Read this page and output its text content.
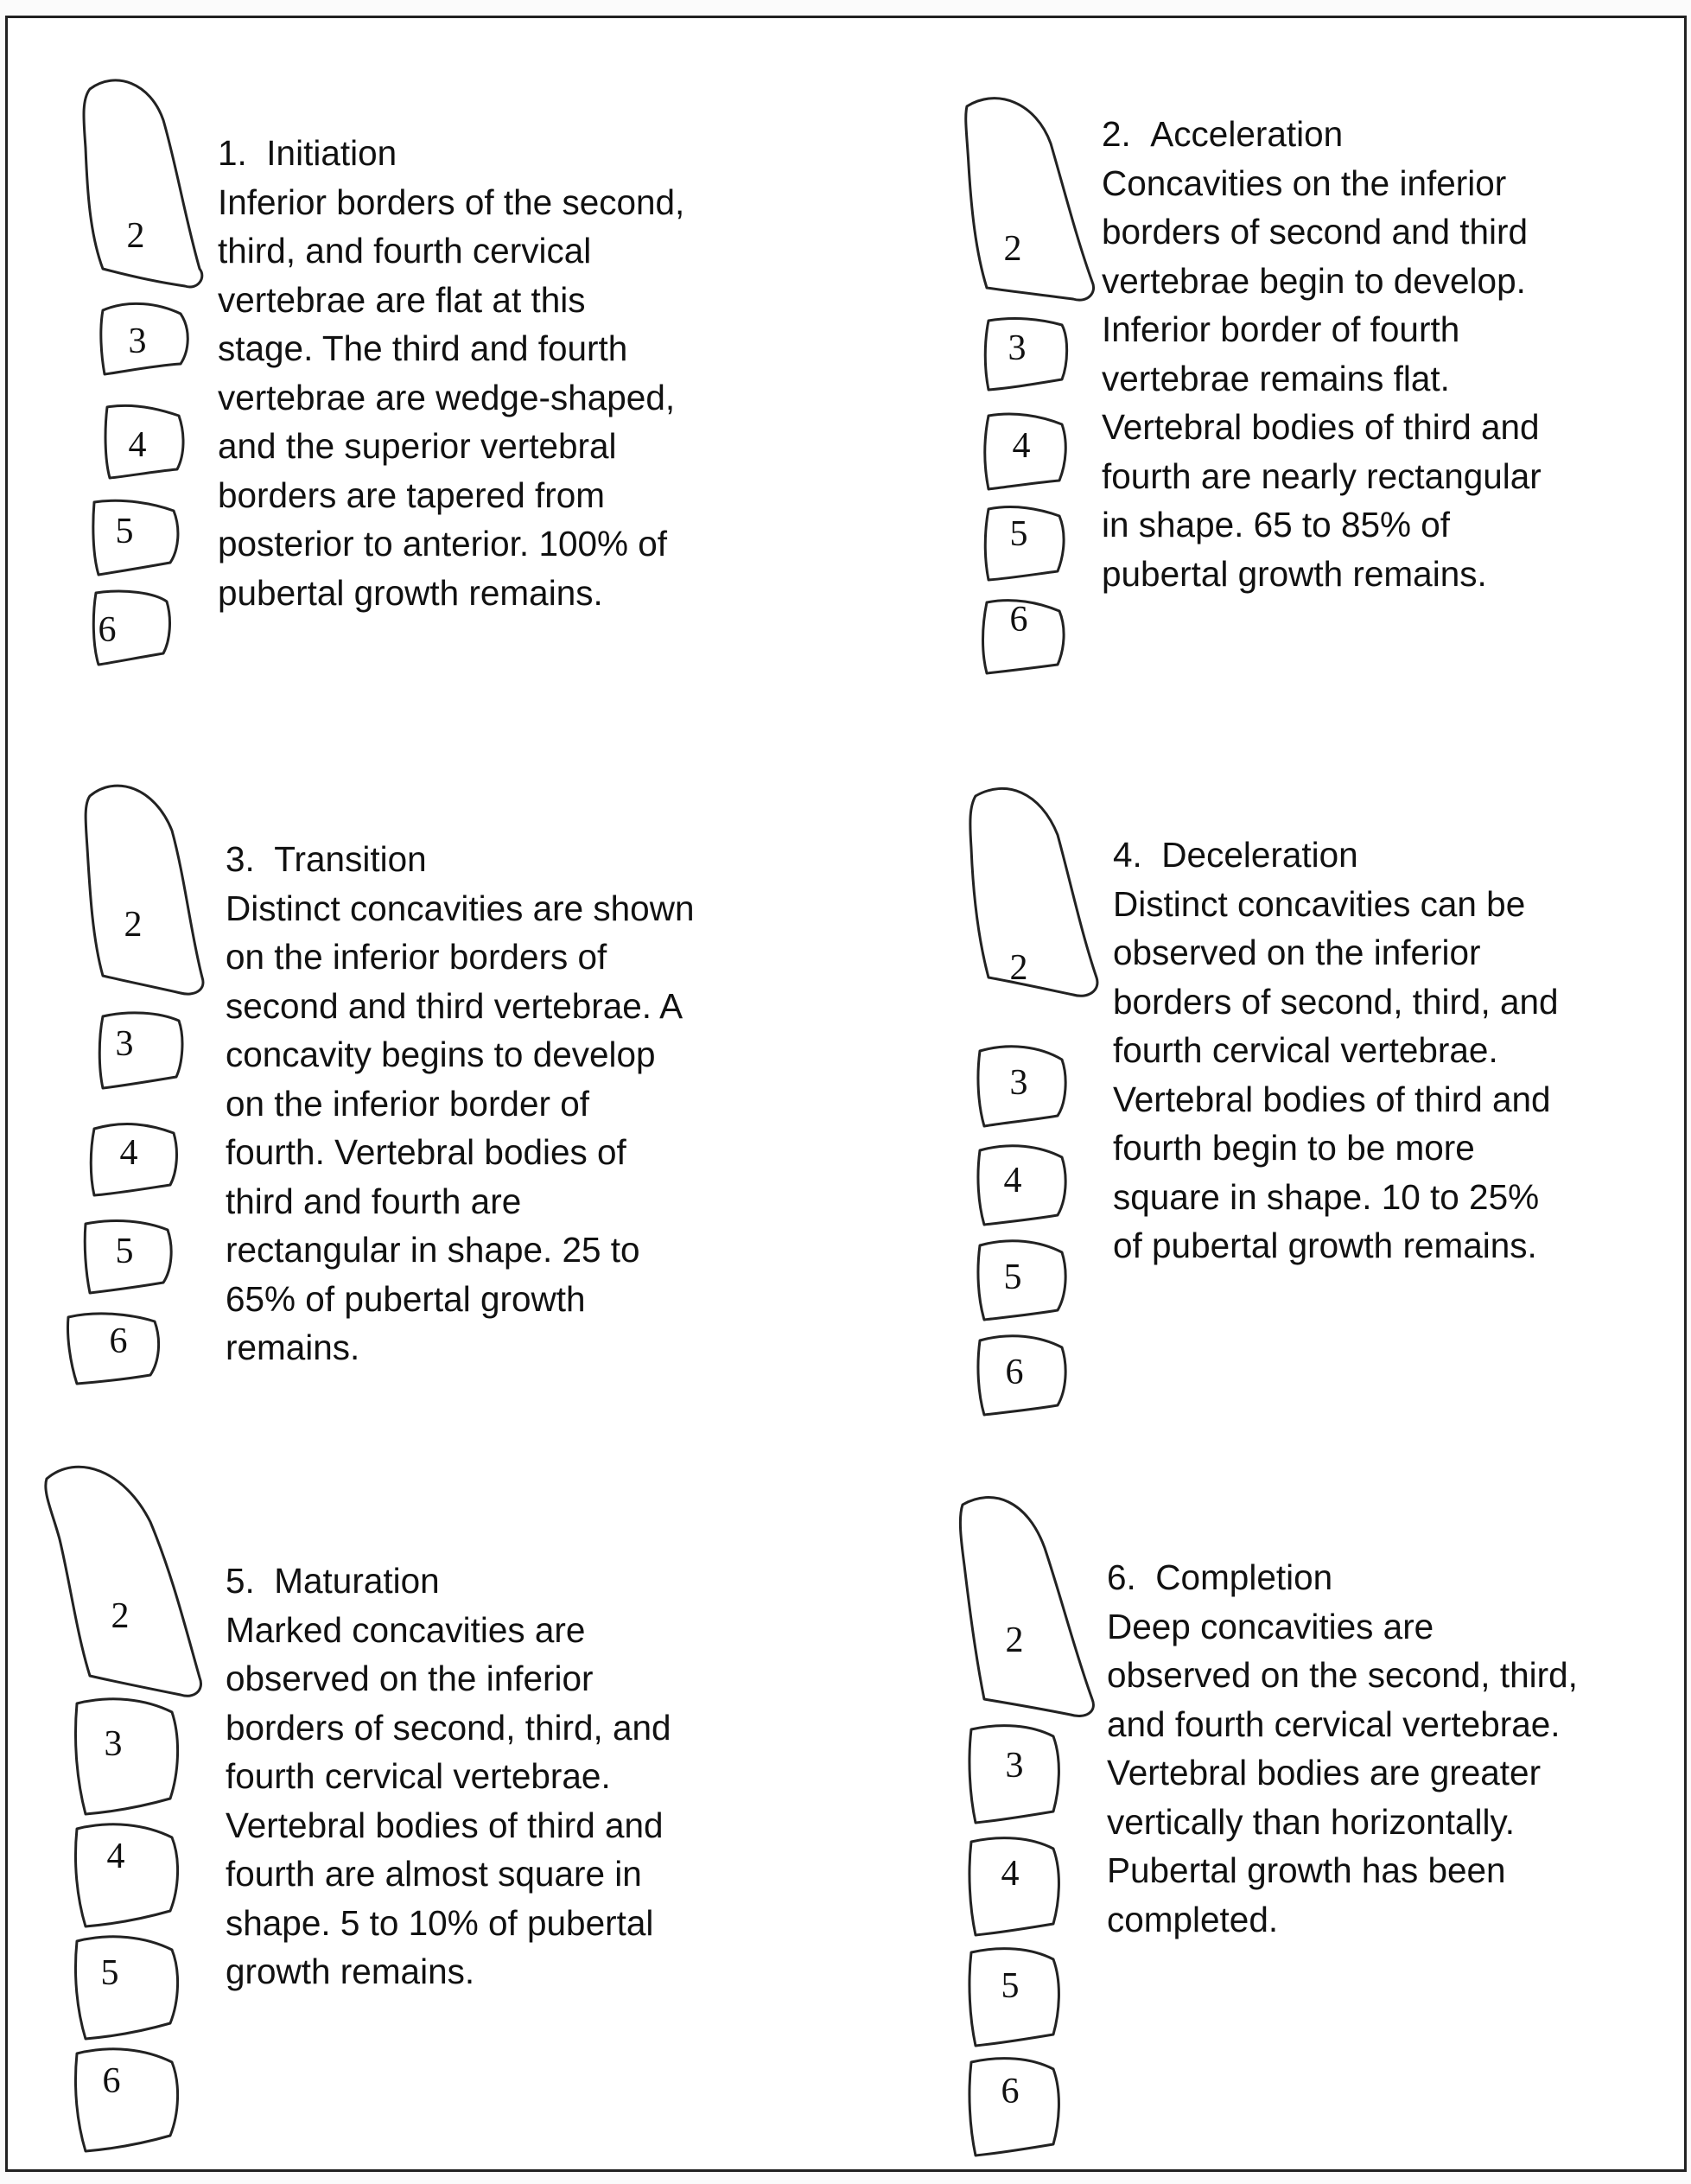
2
3
4
5
6
2
3
4
5
6
2
3
4
5
6
2
3
4
5
6
2
3
4
5
6
2
3
4
5
6
1. Initiation
Inferior borders of the second,
third, and fourth cervical
vertebrae are flat at this
stage. The third and fourth
vertebrae are wedge-shaped,
and the superior vertebral
borders are tapered from
posterior to anterior. 100% of
pubertal growth remains.
2. Acceleration
Concavities on the inferior
borders of second and third
vertebrae begin to develop.
Inferior border of fourth
vertebrae remains flat.
Vertebral bodies of third and
fourth are nearly rectangular
in shape. 65 to 85% of
pubertal growth remains.
3. Transition
Distinct concavities are shown
on the inferior borders of
second and third vertebrae. A
concavity begins to develop
on the inferior border of
fourth. Vertebral bodies of
third and fourth are
rectangular in shape. 25 to
65% of pubertal growth
remains.
4. Deceleration
Distinct concavities can be
observed on the inferior
borders of second, third, and
fourth cervical vertebrae.
Vertebral bodies of third and
fourth begin to be more
square in shape. 10 to 25%
of pubertal growth remains.
5. Maturation
Marked concavities are
observed on the inferior
borders of second, third, and
fourth cervical vertebrae.
Vertebral bodies of third and
fourth are almost square in
shape. 5 to 10% of pubertal
growth remains.
6. Completion
Deep concavities are
observed on the second, third,
and fourth cervical vertebrae.
Vertebral bodies are greater
vertically than horizontally.
Pubertal growth has been
completed.
